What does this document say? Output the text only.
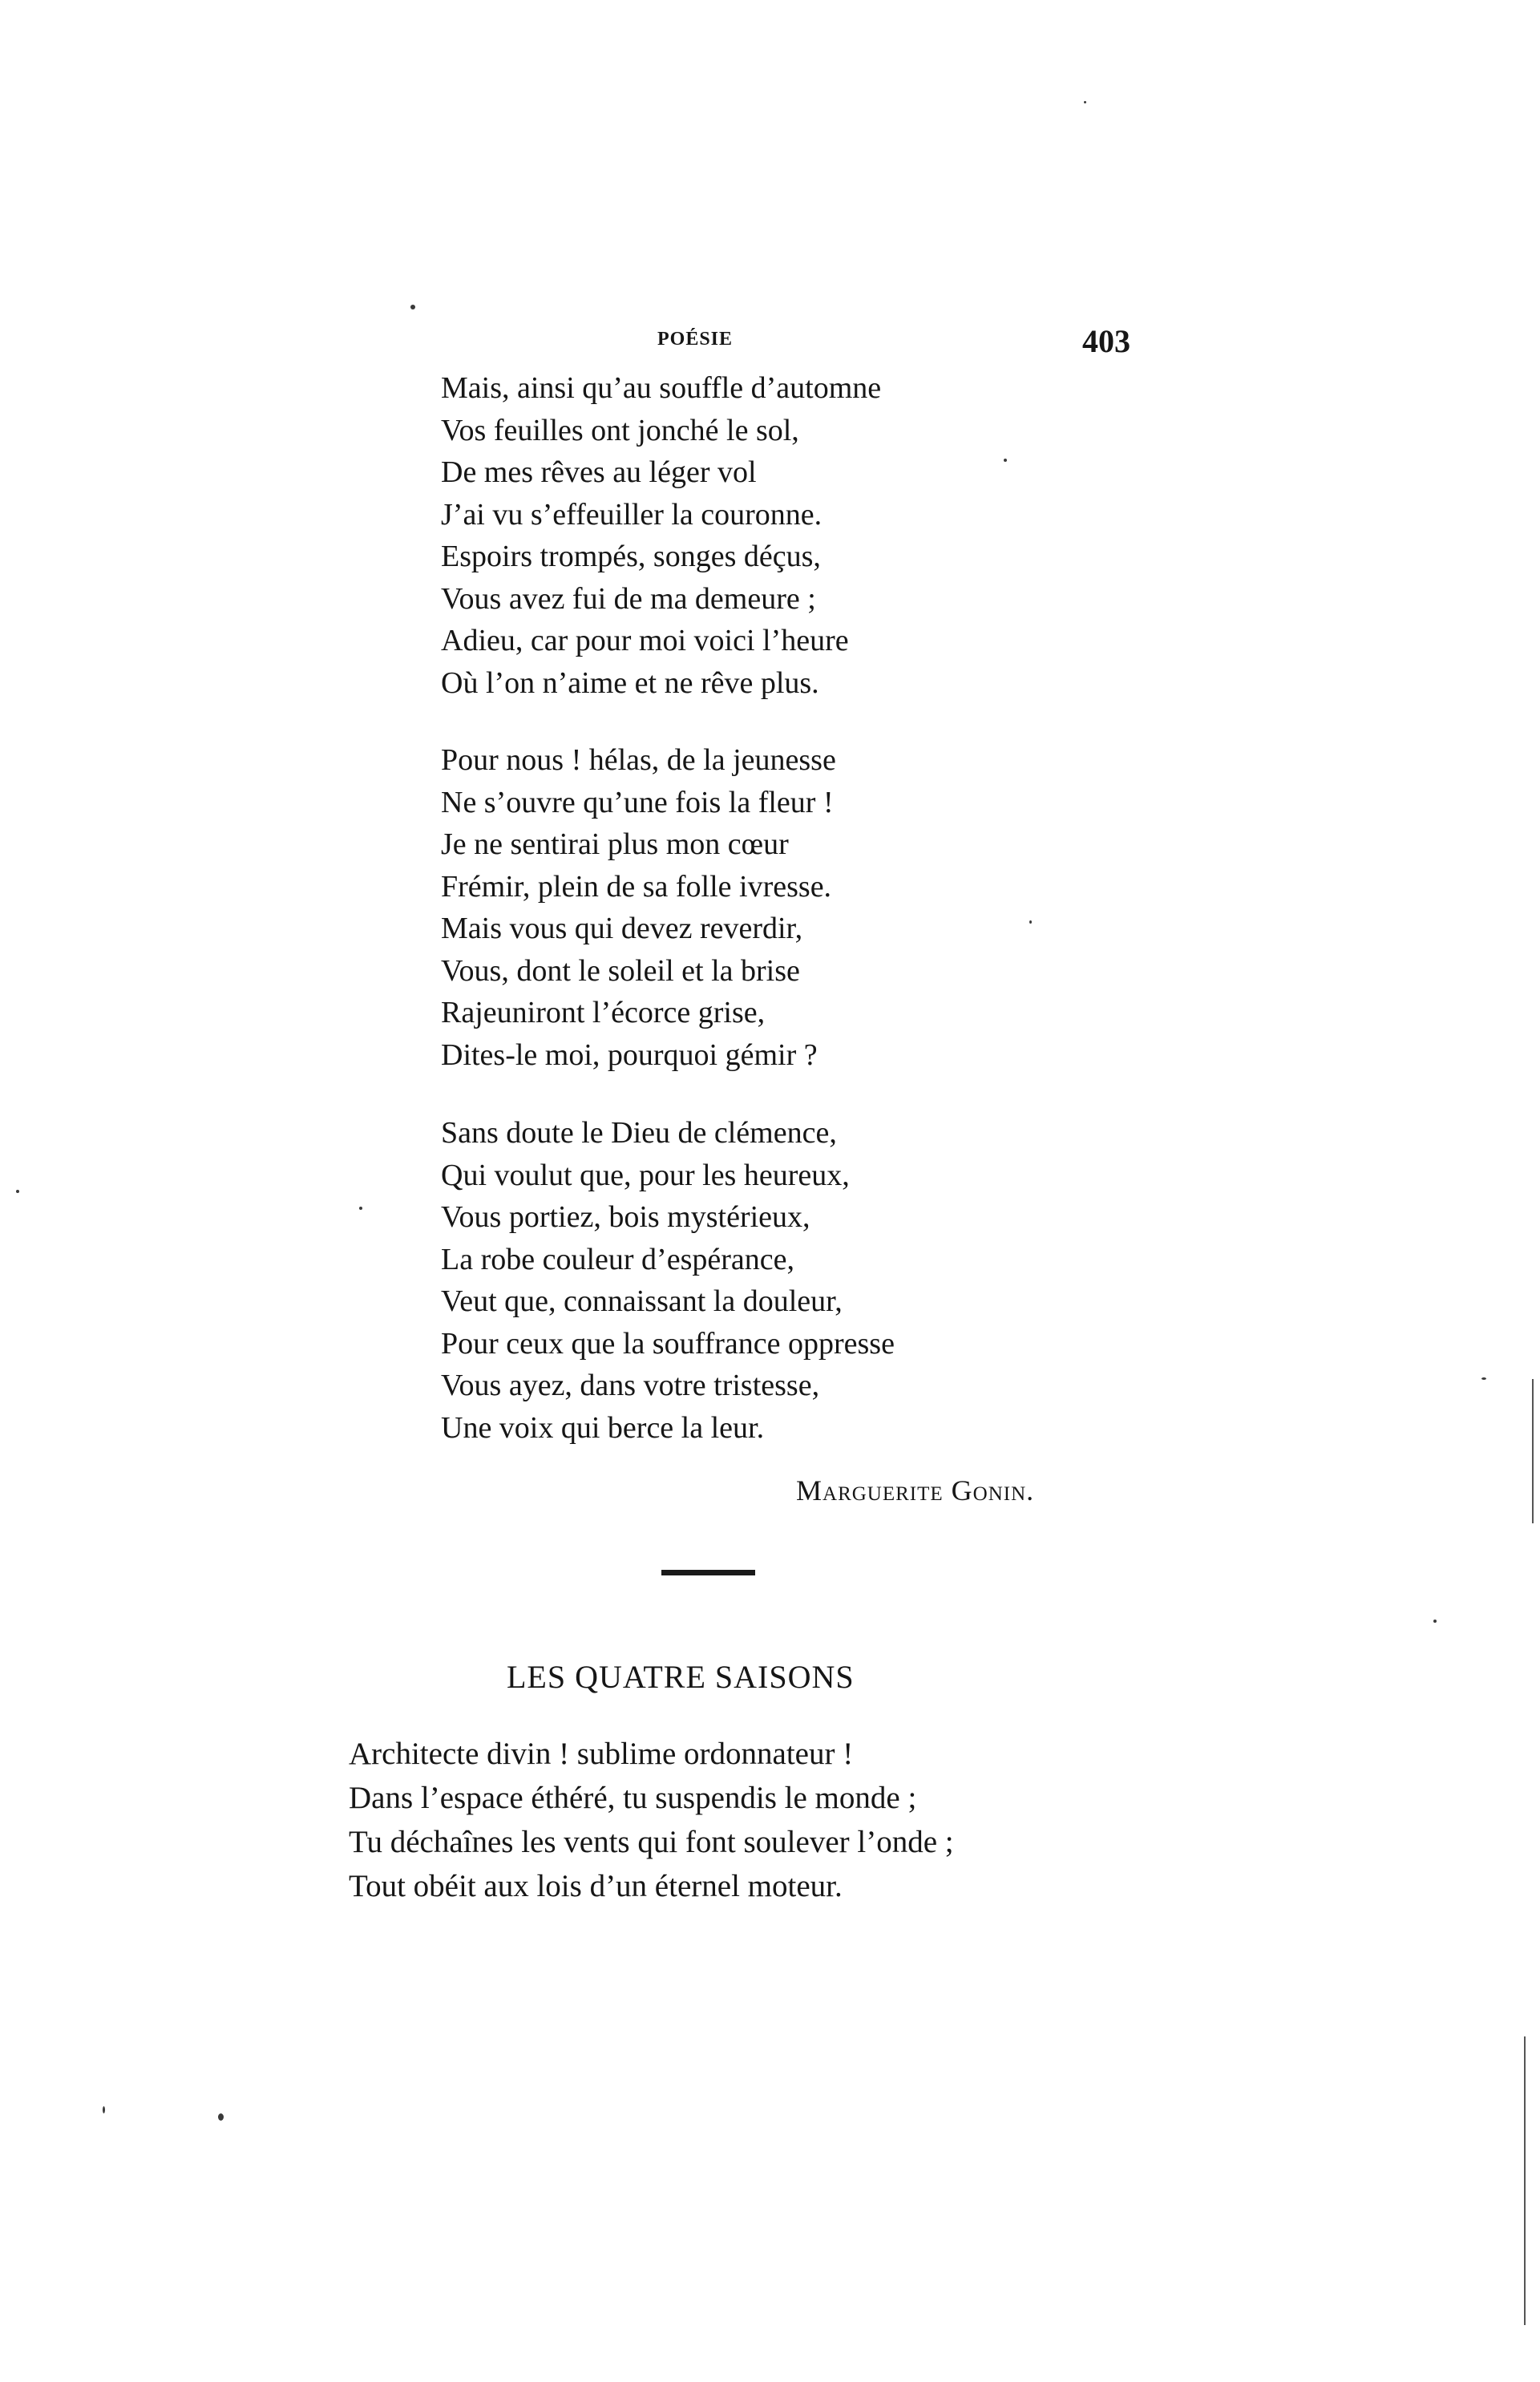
POÉSIE	403
Mais, ainsi qu’au souffle d’automne
Vos feuilles ont jonché le sol,
De mes rêves au léger vol
J’ai vu s’effeuiller la couronne.
Espoirs trompés, songes déçus,
Vous avez fui de ma demeure ;
Adieu, car pour moi voici l’heure
Où l’on n’aime et ne rêve plus.
Pour nous ! hélas, de la jeunesse
Ne s’ouvre qu’une fois la fleur !
Je ne sentirai plus mon cœur
Frémir, plein de sa folle ivresse.
Mais vous qui devez reverdir,
Vous, dont le soleil et la brise
Rajeuniront l’écorce grise,
Dites-le moi, pourquoi gémir ?
Sans doute le Dieu de clémence,
Qui voulut que, pour les heureux,
Vous portiez, bois mystérieux,
La robe couleur d’espérance,
Veut que, connaissant la douleur,
Pour ceux que la souffrance oppresse
Vous ayez, dans votre tristesse,
Une voix qui berce la leur.
Marguerite Gonin.
LES QUATRE SAISONS
Architecte divin ! sublime ordonnateur !
Dans l’espace éthéré, tu suspendis le monde ;
Tu déchaînes les vents qui font soulever l’onde ;
Tout obéit aux lois d’un éternel moteur.
